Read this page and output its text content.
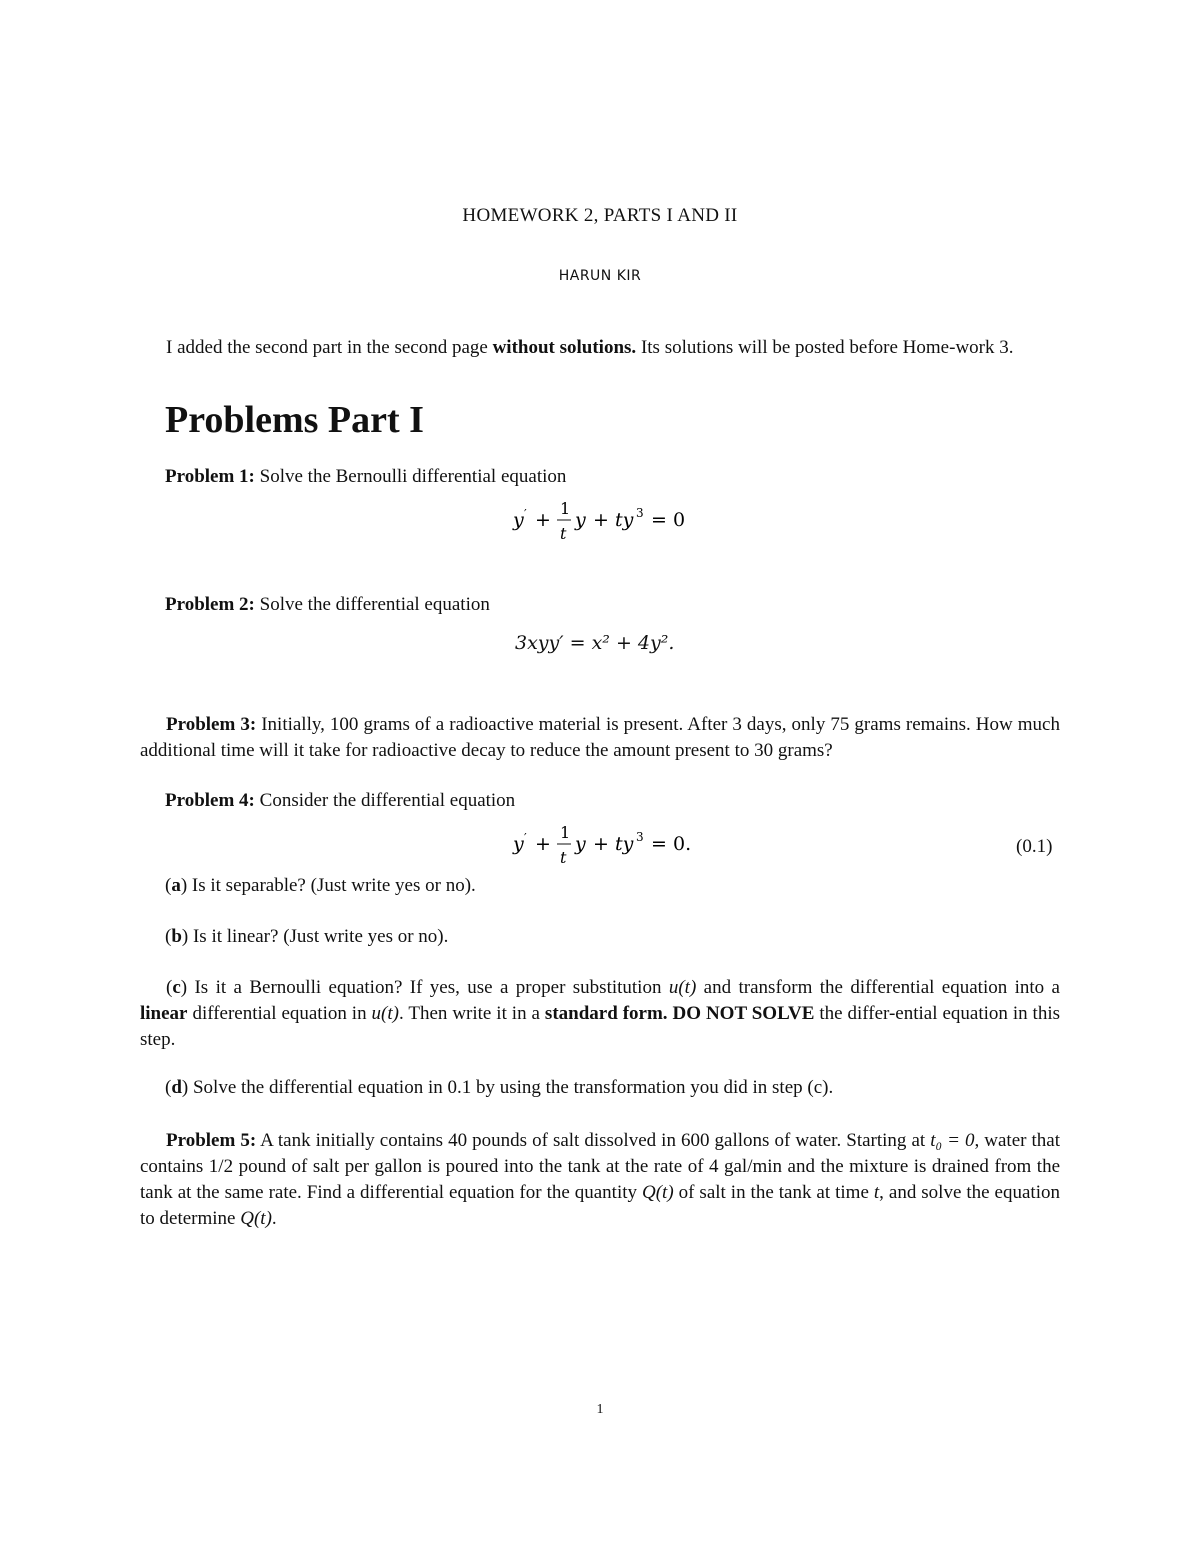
HOMEWORK 2, PARTS I AND II
HARUN KIR
I added the second part in the second page without solutions. Its solutions will be posted before Home-work 3.
Problems Part I
Problem 1: Solve the Bernoulli differential equation
y ′ +
1
t
y + ty 3 = 0
Problem 2: Solve the differential equation
3xyy′ = x² + 4y².
Problem 3: Initially, 100 grams of a radioactive material is present. After 3 days, only 75 grams remains. How much additional time will it take for radioactive decay to reduce the amount present to 30 grams?
Problem 4: Consider the differential equation
y ′ +
1
t
y + ty 3 = 0.	(0.1)
(a) Is it separable? (Just write yes or no).
(b) Is it linear? (Just write yes or no).
(c) Is it a Bernoulli equation? If yes, use a proper substitution u(t) and transform the differential equation into a linear differential equation in u(t). Then write it in a standard form. DO NOT SOLVE the differ-ential equation in this step.
(d) Solve the differential equation in 0.1 by using the transformation you did in step (c).
Problem 5: A tank initially contains 40 pounds of salt dissolved in 600 gallons of water. Starting at t₀ = 0, water that contains 1/2 pound of salt per gallon is poured into the tank at the rate of 4 gal/min and the mixture is drained from the tank at the same rate. Find a differential equation for the quantity Q(t) of salt in the tank at time t, and solve the equation to determine Q(t).
1
